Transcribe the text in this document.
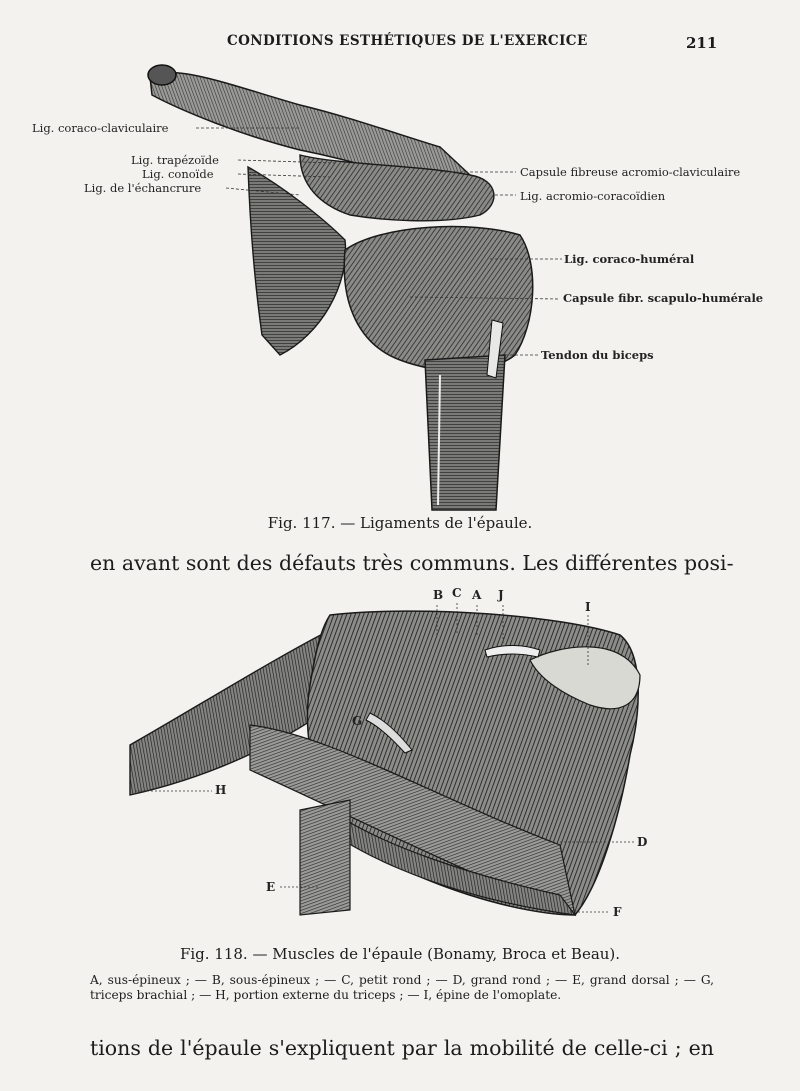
CONDITIONS ESTHÉTIQUES DE L'EXERCICE	211
Lig. coraco-claviculaire
Lig. trapézoïde
Lig. conoïde
Lig. de l'échancrure
Capsule fibreuse acromio-claviculaire
Lig. acromio-coracoïdien
Lig. coraco-huméral
Capsule fibr. scapulo-humérale
Tendon du biceps
Fig. 117. — Ligaments de l'épaule.
en avant sont des défauts très communs. Les différentes posi-
B C A J
I
G
H
D
E
F
Fig. 118. — Muscles de l'épaule (Bonamy, Broca et Beau).
A, sus-épineux ; — B, sous-épineux ; — C, petit rond ; — D, grand rond ; — E, grand dorsal ; — G, triceps brachial ; — H, portion externe du triceps ; — I, épine de l'omoplate.
tions de l'épaule s'expliquent par la mobilité de celle-ci ; en
